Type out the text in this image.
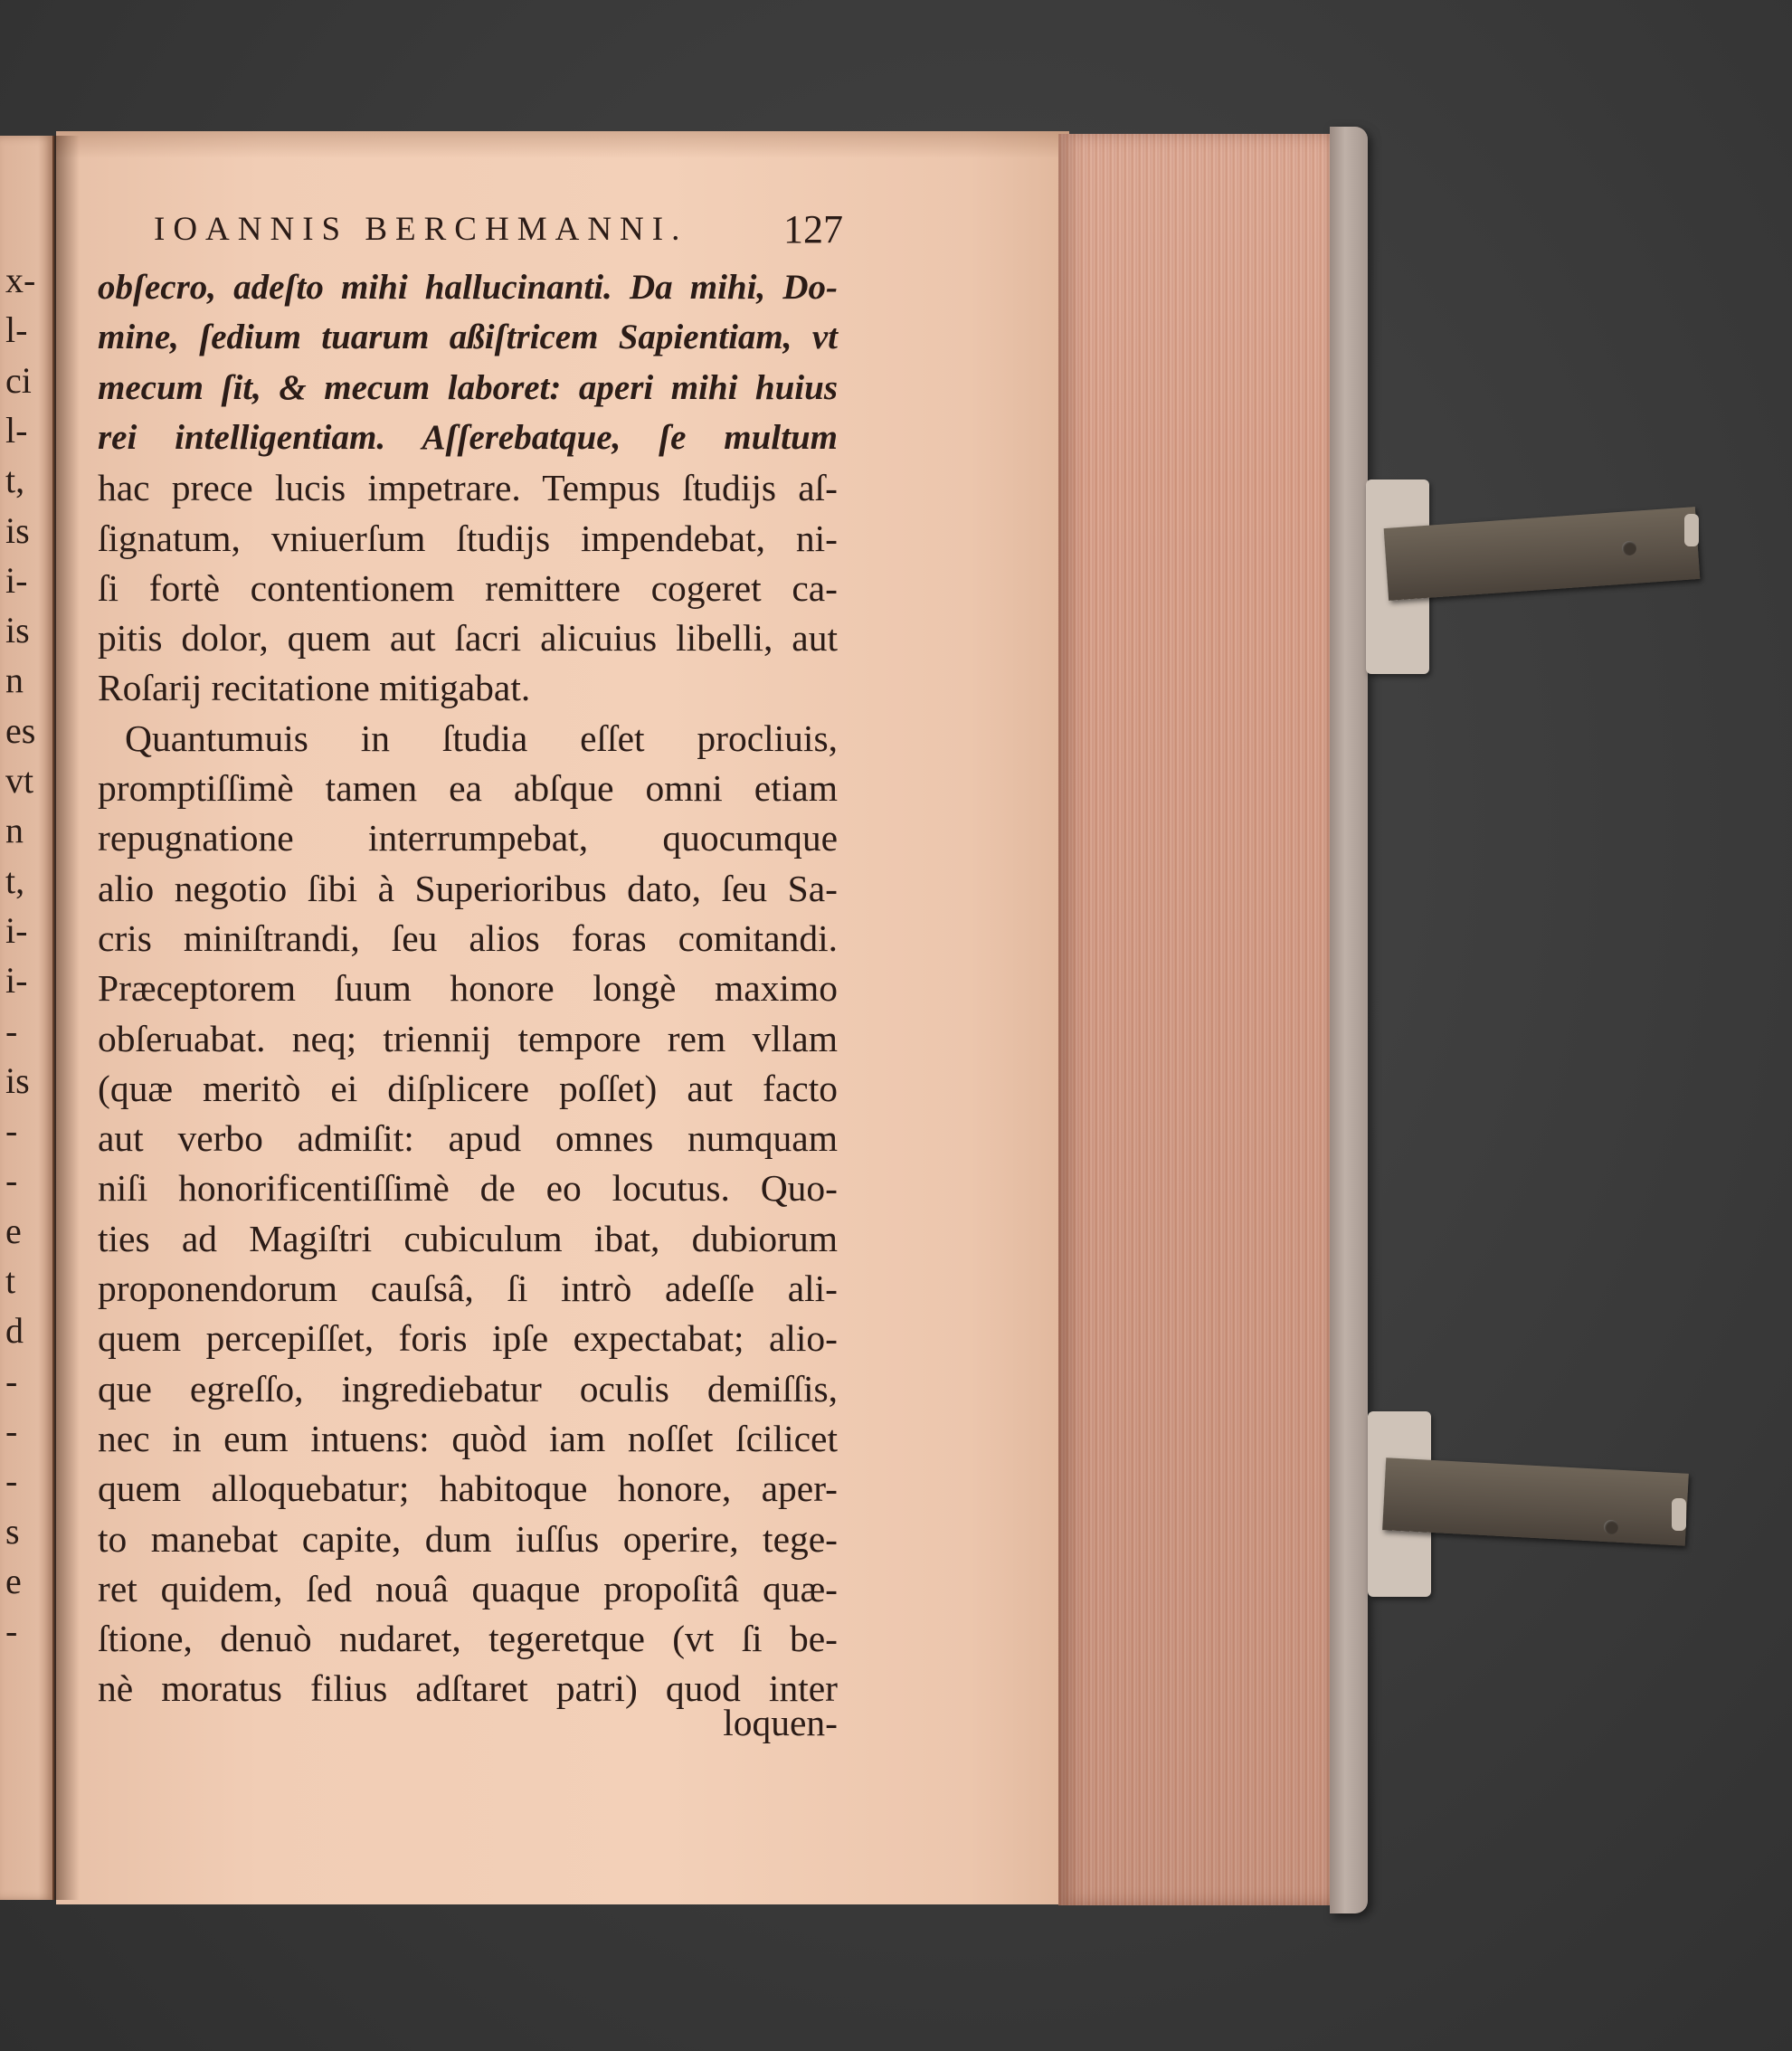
x-
l-
ci
l-
t,
is
i-
is
n
es
vt
n
t,
i-
i-
-
is
-
-
e
t
d
-
-
-
s
e
-
IOANNIS BERCHMANNI. 127
obſecro, adeſto mihi hallucinanti. Da mihi, Do-
mine, ſedium tuarum aßiſtricem Sapientiam, vt
mecum ſit, & mecum laboret: aperi mihi huius
rei intelligentiam. Aſſerebatque, ſe multum
hac prece lucis impetrare. Tempus ſtudijs aſ-
ſignatum, vniuerſum ſtudijs impendebat, ni-
ſi fortè contentionem remittere cogeret ca-
pitis dolor, quem aut ſacri alicuius libelli, aut
Roſarij recitatione mitigabat.
Quantumuis in ſtudia eſſet procliuis,
promptiſſimè tamen ea abſque omni etiam
repugnatione interrumpebat, quocumque
alio negotio ſibi à Superioribus dato, ſeu Sa-
cris miniſtrandi, ſeu alios foras comitandi.
Præceptorem ſuum honore longè maximo
obſeruabat. neq; triennij tempore rem vllam
(quæ meritò ei diſplicere poſſet) aut facto
aut verbo admiſit: apud omnes numquam
niſi honorificentiſſimè de eo locutus. Quo-
ties ad Magiſtri cubiculum ibat, dubiorum
proponendorum cauſsâ, ſi intrò adeſſe ali-
quem percepiſſet, foris ipſe expectabat; alio-
que egreſſo, ingrediebatur oculis demiſſis,
nec in eum intuens: quòd iam noſſet ſcilicet
quem alloquebatur; habitoque honore, aper-
to manebat capite, dum iuſſus operire, tege-
ret quidem, ſed nouâ quaque propoſitâ quæ-
ſtione, denuò nudaret, tegeretque (vt ſi be-
nè moratus filius adſtaret patri) quod inter
loquen-
